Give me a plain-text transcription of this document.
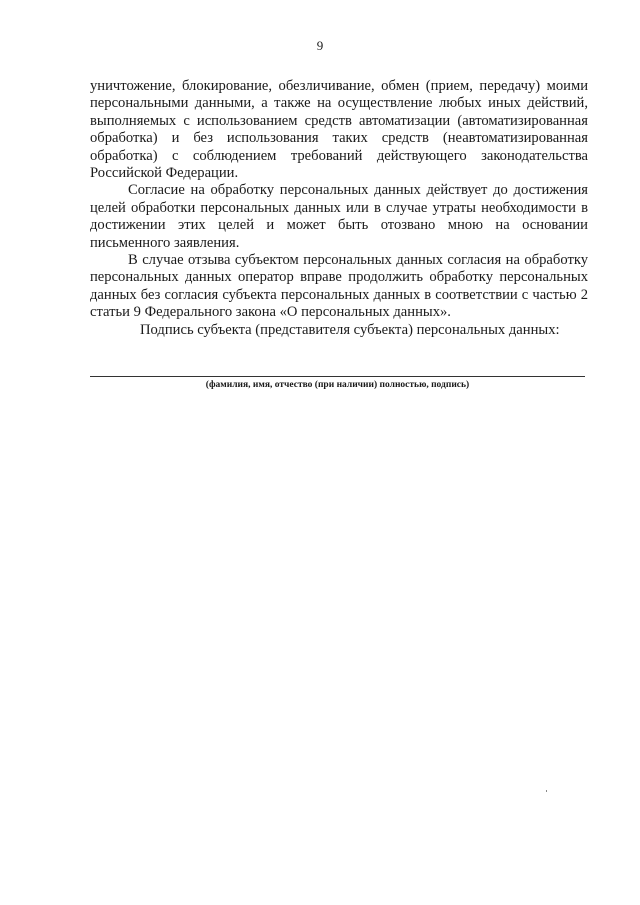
9

уничтожение, блокирование, обезличивание, обмен (прием, передачу) моими персональными данными, а также на осуществление любых иных действий, выполняемых с использованием средств автоматизации (автоматизированная обработка) и без использования таких средств (неавтоматизированная обработка) с соблюдением требований действующего законодательства Российской Федерации.

Согласие на обработку персональных данных действует до достижения целей обработки персональных данных или в случае утраты необходимости в достижении этих целей и может быть отозвано мною на основании письменного заявления.

В случае отзыва субъектом персональных данных согласия на обработку персональных данных оператор вправе продолжить обработку персональных данных без согласия субъекта персональных данных в соответствии с частью 2 статьи 9 Федерального закона «О персональных данных».

Подпись субъекта (представителя субъекта) персональных данных:

(фамилия, имя, отчество (при наличии) полностью, подпись)
